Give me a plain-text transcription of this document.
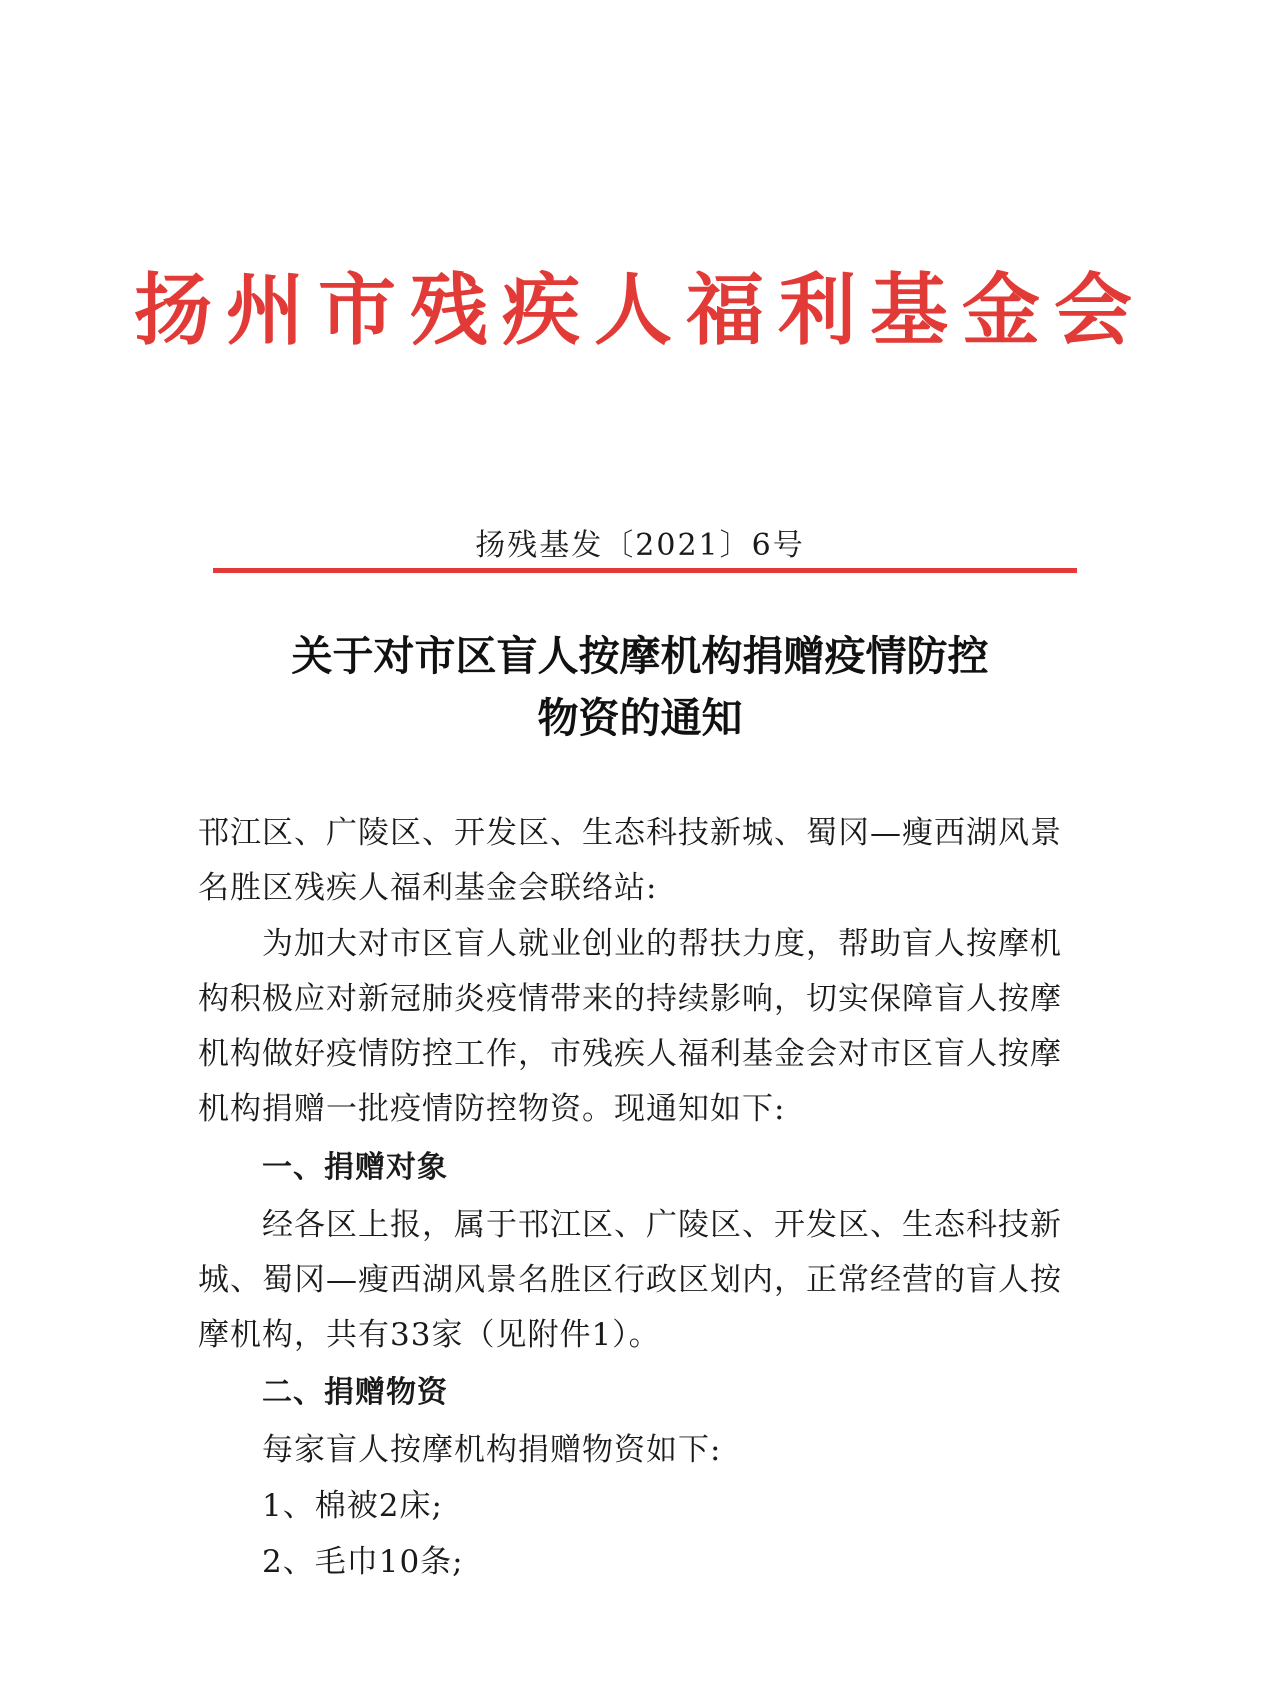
扬州市残疾人福利基金会
扬残基发〔2021〕6号
关于对市区盲人按摩机构捐赠疫情防控
物资的通知
邗江区、广陵区、开发区、生态科技新城、蜀冈—瘦西湖风景名胜区残疾人福利基金会联络站:
为加大对市区盲人就业创业的帮扶力度，帮助盲人按摩机构积极应对新冠肺炎疫情带来的持续影响，切实保障盲人按摩机构做好疫情防控工作，市残疾人福利基金会对市区盲人按摩机构捐赠一批疫情防控物资。现通知如下:
一、捐赠对象
经各区上报，属于邗江区、广陵区、开发区、生态科技新城、蜀冈—瘦西湖风景名胜区行政区划内，正常经营的盲人按摩机构，共有33家（见附件1）。
二、捐赠物资
每家盲人按摩机构捐赠物资如下:
1、棉被2床;
2、毛巾10条;
